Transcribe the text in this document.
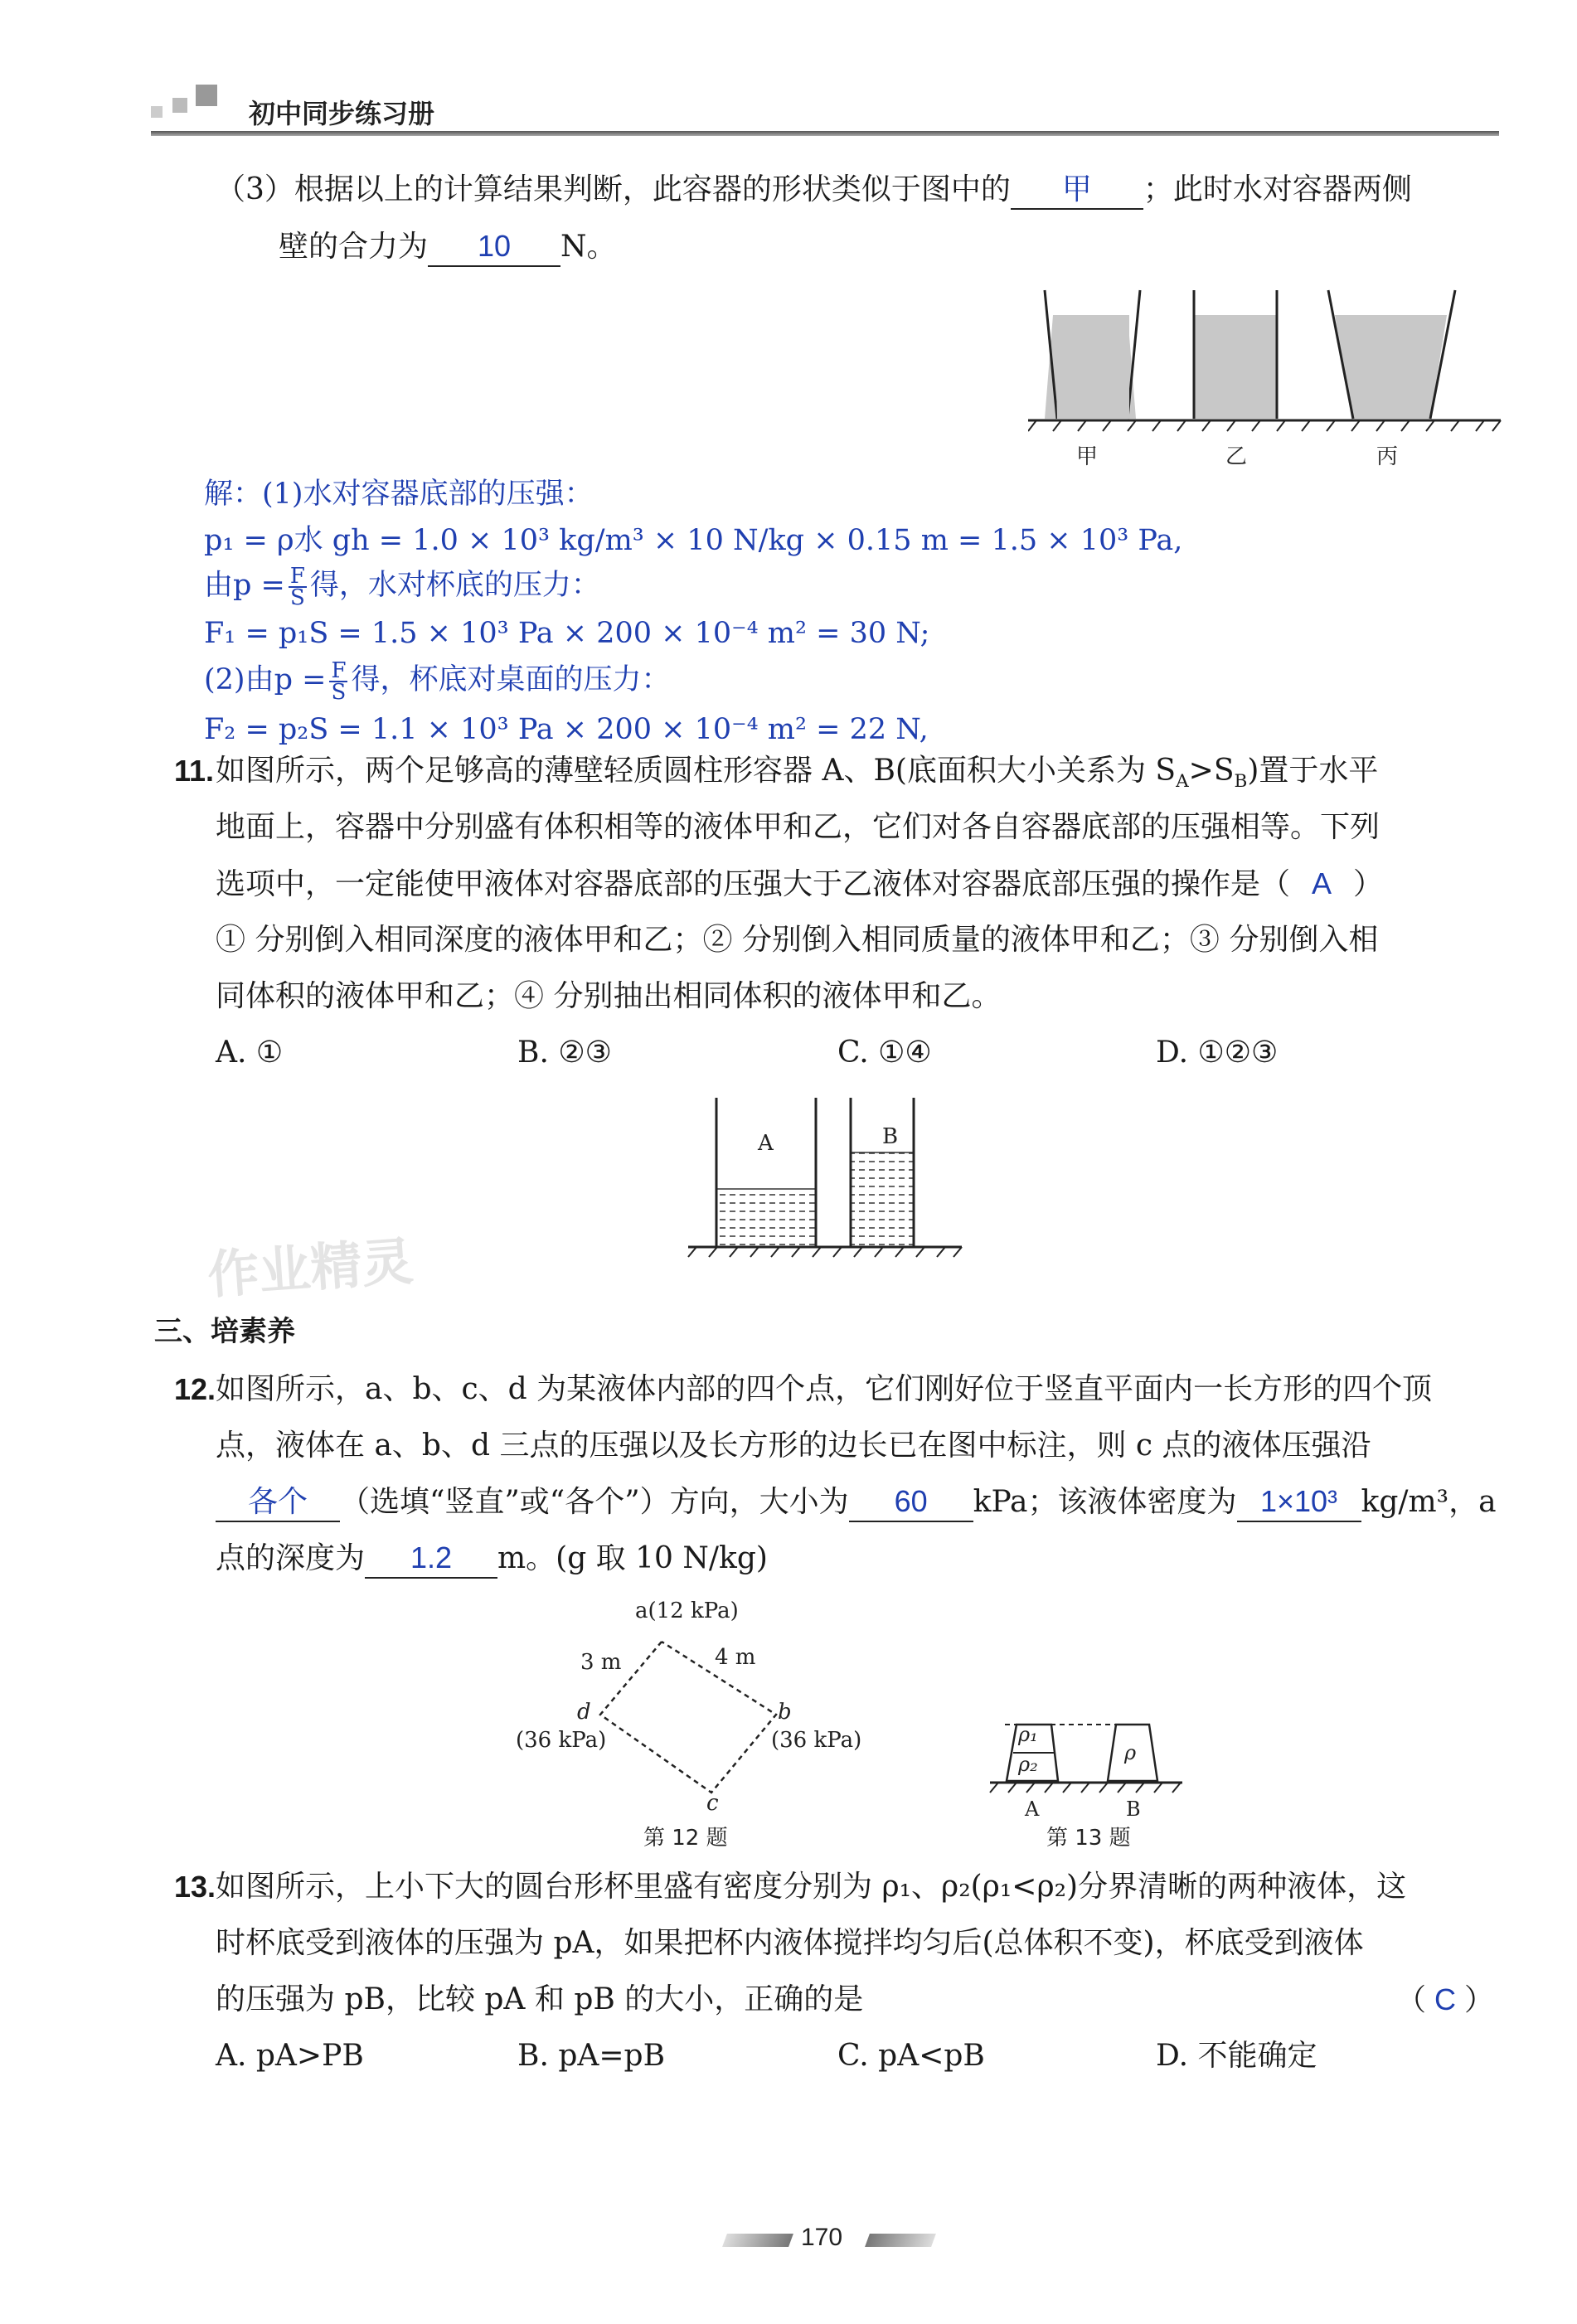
初中同步练习册
（3）根据以上的计算结果判断，此容器的形状类似于图中的 甲 ；此时水对容器两侧
壁的合力为 10 N。
甲	乙	丙
解：(1)水对容器底部的压强：
p₁ = ρ水 gh = 1.0 × 10³ kg/m³ × 10 N/kg × 0.15 m = 1.5 × 10³ Pa,
由$p = \frac{F}{S}$ 得，水对杯底的压力：
F₁ = p₁S = 1.5 × 10³ Pa × 200 × 10⁻⁴ m² = 30 N;
(2)由$p = \frac{F}{S}$ 得，杯底对桌面的压力：
F₂ = p₂S = 1.1 × 10³ Pa × 200 × 10⁻⁴ m² = 22 N,
11. 如图所示，两个足够高的薄壁轻质圆柱形容器 A、B(底面积大小关系为 $S_A>S_B$)置于水平
地面上，容器中分别盛有体积相等的液体甲和乙，它们对各自容器底部的压强相等。下列
选项中，一定能使甲液体对容器底部的压强大于乙液体对容器底部压强的操作是（ A ）
① 分别倒入相同深度的液体甲和乙；② 分别倒入相同质量的液体甲和乙；③ 分别倒入相
同体积的液体甲和乙；④ 分别抽出相同体积的液体甲和乙。
A. ①	B. ②③	C. ①④	D. ①②③
A	B
作业精灵
三、培素养
12. 如图所示，a、b、c、d 为某液体内部的四个点，它们刚好位于竖直平面内一长方形的四个顶
点，液体在 a、b、d 三点的压强以及长方形的边长已在图中标注，则 c 点的液体压强沿
各个 （选填“竖直”或“各个”）方向，大小为 60 kPa；该液体密度为 1×10³ kg/m³，a
点的深度为 1.2 m。(g 取 10 N/kg)
a(12 kPa)
3 m	4 m
d
(36 kPa)
b
(36 kPa)
c
第 12 题
ρ₁
ρ₂	ρ
A	B
第 13 题
13. 如图所示，上小下大的圆台形杯里盛有密度分别为 ρ₁、ρ₂(ρ₁<ρ₂)分界清晰的两种液体，这
时杯底受到液体的压强为 pA，如果把杯内液体搅拌均匀后(总体积不变)，杯底受到液体
的压强为 pB，比较 pA 和 pB 的大小，正确的是	（ C ）
A. pA>PB	B. pA=pB	C. pA<pB	D. 不能确定
170
